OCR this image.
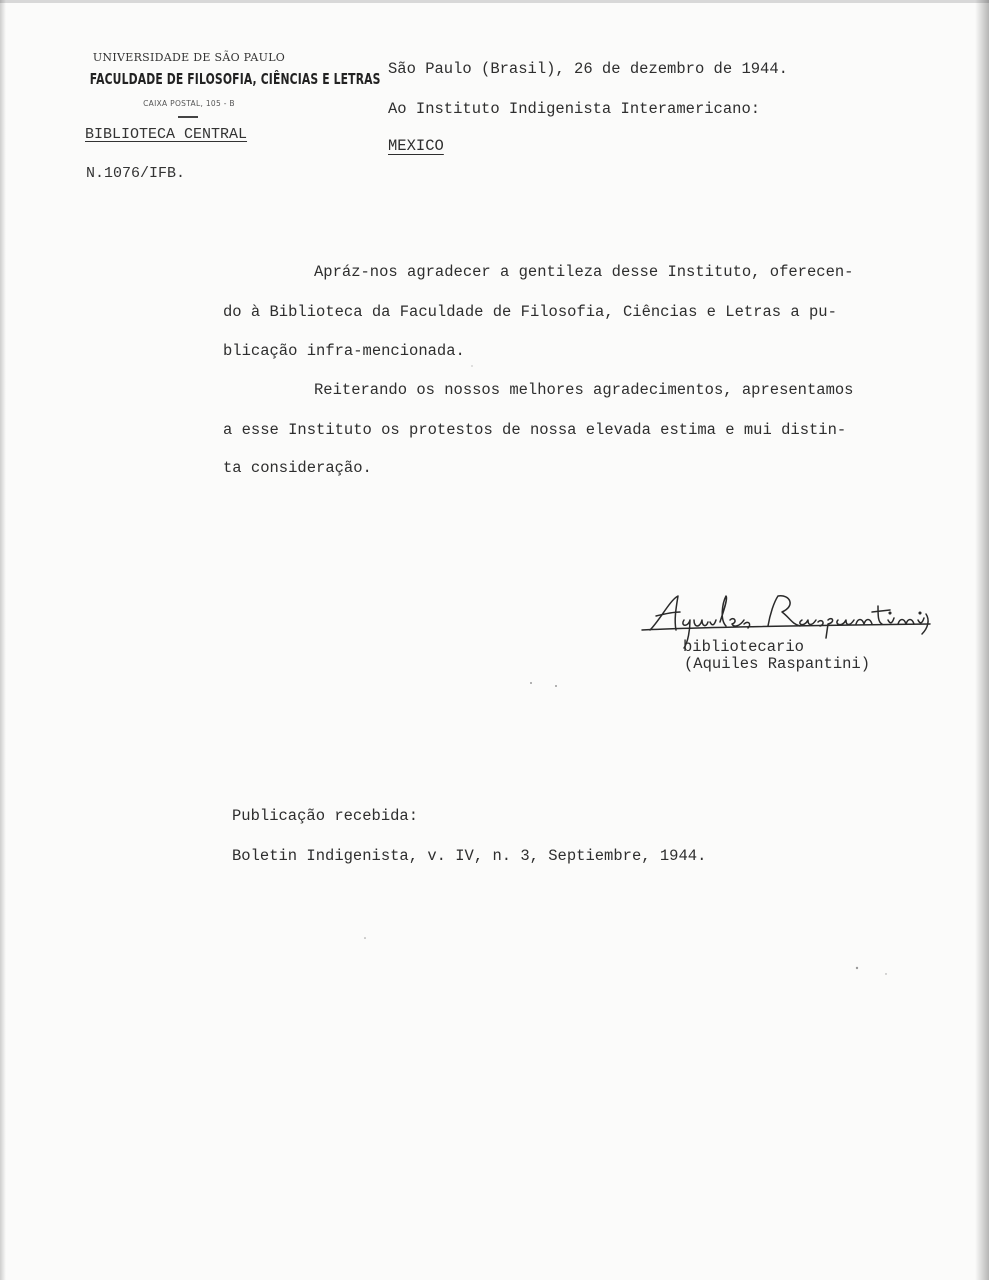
UNIVERSIDADE DE SÃO PAULO
FACULDADE DE FILOSOFIA, CIÊNCIAS E LETRAS
CAIXA POSTAL, 105 - B
BIBLIOTECA CENTRAL
N.1076/IFB.
São Paulo (Brasil), 26 de dezembro de 1944.
Ao Instituto Indigenista Interamericano:
MEXICO
Apráz-nos agradecer a gentileza desse Instituto, oferecen-
do à Biblioteca da Faculdade de Filosofia, Ciências e Letras a pu-
blicação infra-mencionada.
Reiterando os nossos melhores agradecimentos, apresentamos
a esse Instituto os protestos de nossa elevada estima e mui distin-
ta consideração.
bibliotecario
(Aquiles Raspantini)
Publicação recebida:
Boletin Indigenista, v. IV, n. 3, Septiembre, 1944.
